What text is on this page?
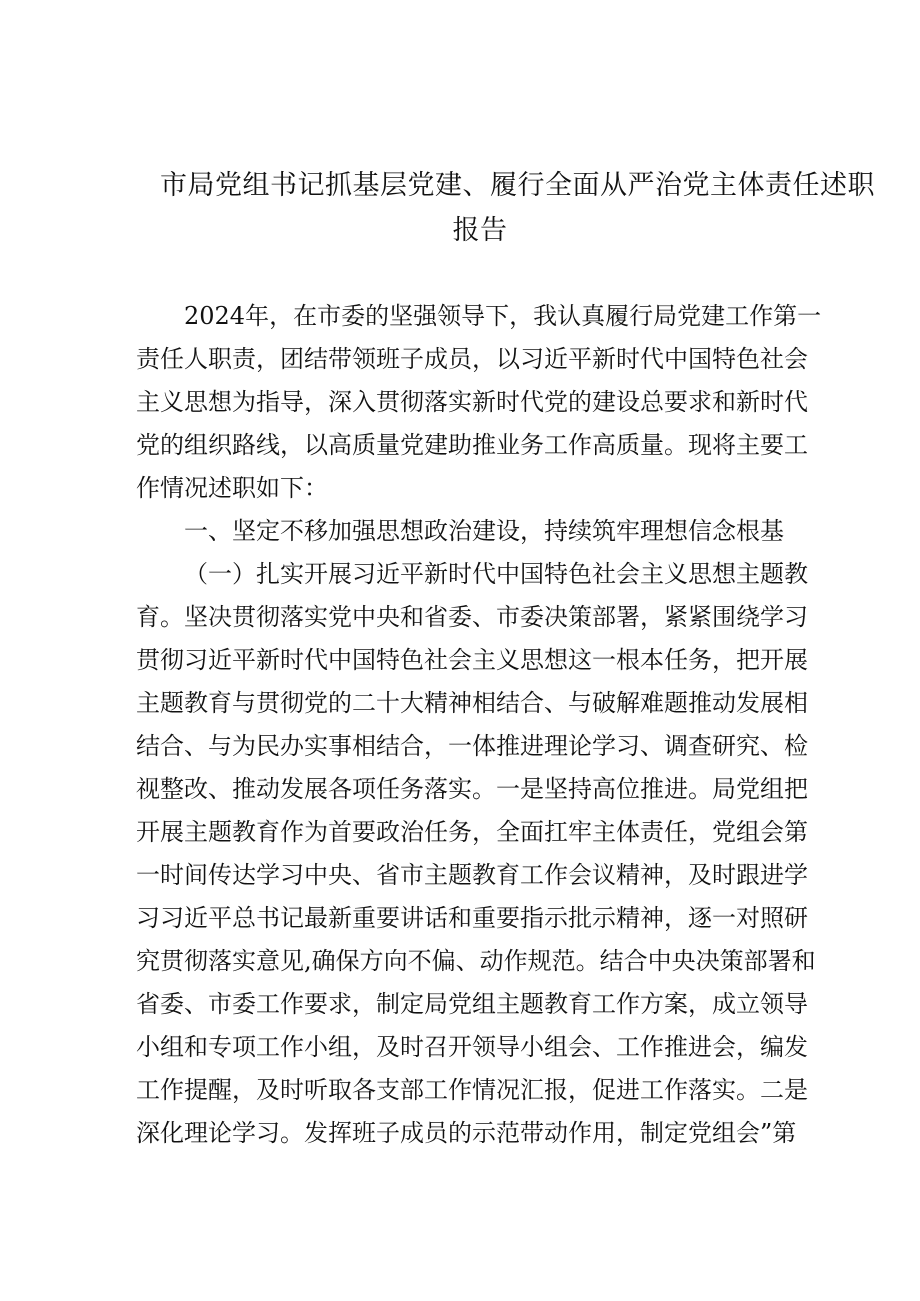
市局党组书记抓基层党建、履行全面从严治党主体责任述职
报告
2024年，在市委的坚强领导下，我认真履行局党建工作第一
责任人职责，团结带领班子成员，以习近平新时代中国特色社会
主义思想为指导，深入贯彻落实新时代党的建设总要求和新时代
党的组织路线，以高质量党建助推业务工作高质量。现将主要工
作情况述职如下：
一、坚定不移加强思想政治建设，持续筑牢理想信念根基
（一）扎实开展习近平新时代中国特色社会主义思想主题教
育。坚决贯彻落实党中央和省委、市委决策部署，紧紧围绕学习
贯彻习近平新时代中国特色社会主义思想这一根本任务，把开展
主题教育与贯彻党的二十大精神相结合、与破解难题推动发展相
结合、与为民办实事相结合，一体推进理论学习、调查研究、检
视整改、推动发展各项任务落实。一是坚持高位推进。局党组把
开展主题教育作为首要政治任务，全面扛牢主体责任，党组会第
一时间传达学习中央、省市主题教育工作会议精神，及时跟进学
习习近平总书记最新重要讲话和重要指示批示精神，逐一对照研
究贯彻落实意见,确保方向不偏、动作规范。结合中央决策部署和
省委、市委工作要求，制定局党组主题教育工作方案，成立领导
小组和专项工作小组，及时召开领导小组会、工作推进会，编发
工作提醒，及时听取各支部工作情况汇报，促进工作落实。二是
深化理论学习。发挥班子成员的示范带动作用，制定党组会”第
